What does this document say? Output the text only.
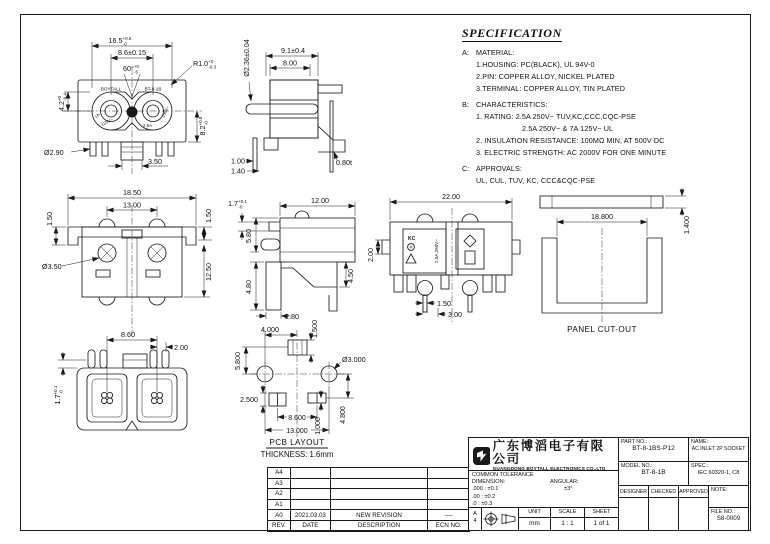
UL
$16.5^{+0.8}$ -0
8.6±0.15
60°$^{+0}$ -5
$R1.0^{+0}$ -0.3
$4.2^{+0}-0.4$
$8.2^{+0.8}-0$
Ø2.90
3.50
BOYTALL	BT-8-1B
7A
125V~	2.5A
250V~
Ø2.36±0.04	9.1±0.4
8.00
1.00
1.40
0.80t
18.50
13.00
1.50	1.50
12.50
Ø3.50
$1.7^{+0.1}$ -0
12.00
5.80
4.80
2.80
4.50
KC
2.5A 250V~
22.00
2.00
1.50
3.00
1.400
18.800
PANEL CUT-OUT
8.60
2.00
$1.7^{+0.1}-0$
4.000	1.500
5.800	Ø3.000
2.500
8.600
13.000 1.000
4.800
PCB LAYOUT
THICKNESS: 1.6mm
SPECIFICATION
A: MATERIAL:
1.HOUSING: PC(BLACK), UL 94V-0
2.PIN: COPPER ALLOY, NICKEL PLATED
3.TERMINAL: COPPER ALLOY, TIN PLATED
B: CHARACTERISTICS:
1. RATING: 2.5A 250V~ TUV,KC,CCC,CQC-PSE
2.5A 250V~ & 7A 125V~ UL
2. INSULATION RESISTANCE: 100MΩ MIN, AT 500V DC
3. ELECTRIC STRENGTH: AC 2000V FOR ONE MINUTE
C: APPROVALS:
UL, CUL, TUV, KC, CCC&CQC-PSE
A4			
A3			
A2			
A1			
A0	2021.03.03	NEW REVISION	----
REV.	DATE	DESCRIPTION	ECN NO.
广东博滔电子有限公司
GUANGDONG BOYTALL ELECTRONICS CO.,LTD
COMMON TOLERANCE
DIMENSION:	ANGULAR:
.000 : ±0.1	±3°
.00 : ±0.2
.0 : ±0.3
A
4
UNIT
mm
SCALE
1 : 1
SHEET
1 of 1
PART NO.:
BT-8-1BS-P12
NAME:
AC INLET 2P SOCKET
MODEL NO.:
BT-8-1B
SPEC.:
IEC 60320-1, C8
DESIGNER CHECKED APPROVED NOTE:
FILE NO.:
S8-0009
